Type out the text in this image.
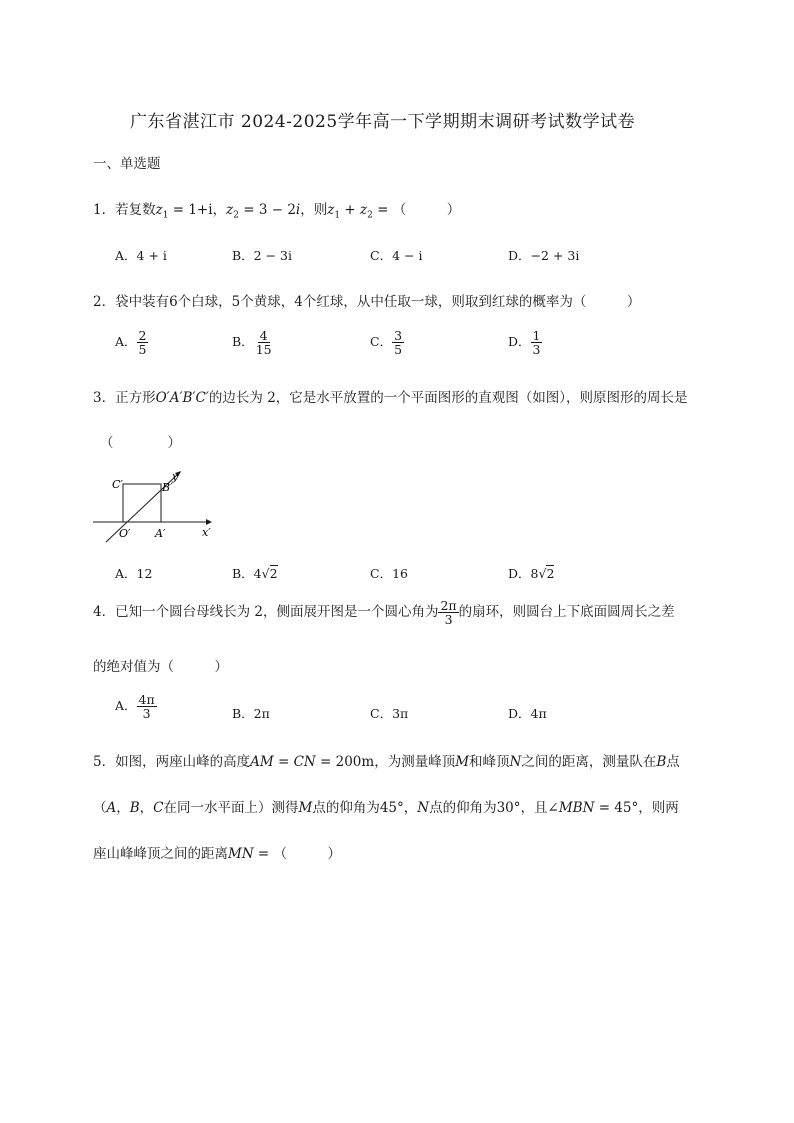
广东省湛江市 2024-2025学年高一下学期期末调研考试数学试卷
一、单选题
1．若复数$z_1 = 1+i$，$z_2 = 3 - 2i$，则$z_1 + z_2$ = （　　　）
A．4 + i	B．2 − 3i	C．4 − i	D．−2 + 3i
2．袋中装有6个白球，5个黄球，4个红球，从中任取一球，则取到红球的概率为（　　　）
A． $\frac{2}{5}$	B． $\frac{4}{15}$	C． $\frac{3}{5}$	D． $\frac{1}{3}$
3．正方形O′A′B′C′的边长为 2，它是水平放置的一个平面图形的直观图（如图），则原图形的周长是
（　　　　）
C′	B′
y′
O′ A′	x′
A．12	B．4√2	C．16	D．8√2
4．已知一个圆台母线长为 2，侧面展开图是一个圆心角为 $\frac{2\pi}{3}$ 的扇环，则圆台上下底面圆周长之差
的绝对值为（　　　）
A． $\frac{4\pi}{3}$	B．2π	C．3π	D．4π
5．如图，两座山峰的高度AM = CN = 200m，为测量峰顶M和峰顶N之间的距离，测量队在B点
（A，B，C在同一水平面上）测得M点的仰角为45°，N点的仰角为30°，且∠MBN = 45°，则两
座山峰峰顶之间的距离MN = （　　　）
